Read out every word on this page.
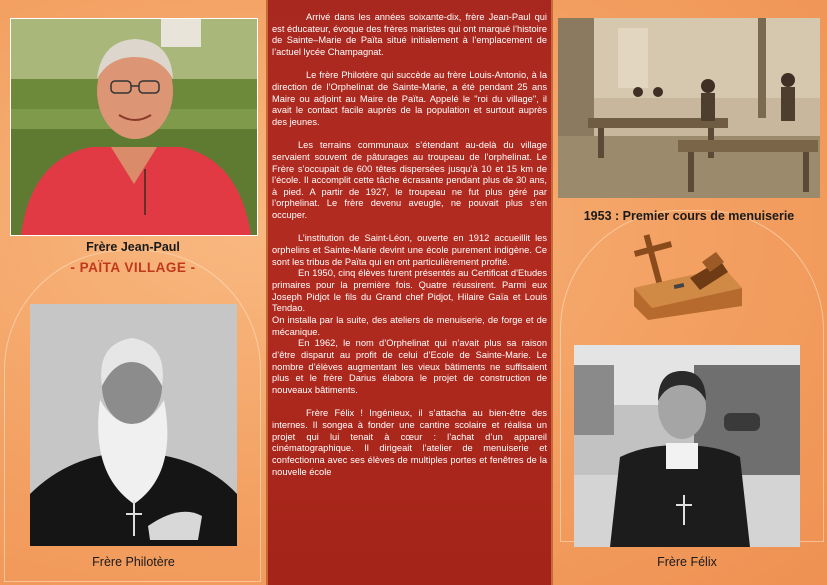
Frère Jean-Paul
- PAÏTA VILLAGE -
Frère Philotère

Arrivé dans les années soixante-dix, frère Jean-Paul qui est éducateur, évoque des frères maristes qui ont marqué l’histoire de Sainte–Marie de Païta situé initialement à l’emplacement de l’actuel lycée Champagnat.

Le frère Philotère qui succède au frère Louis-Antonio, à la direction de l’Orphelinat de Sainte-Marie, a été pendant 25 ans Maire ou adjoint au Maire de Païta. Appelé le "roi du village", il avait le contact facile auprès de la population et surtout auprès des jeunes.

Les terrains communaux s’étendant au-delà du village servaient souvent de pâturages au troupeau de l’orphelinat. Le Frère s’occupait de 600 têtes dispersées jusqu’à 10 et 15 km de l’école. Il accomplit cette tâche écrasante pendant plus de 30 ans, à pied. A partir de 1927, le troupeau ne fut plus géré par l’orphelinat. Le frère devenu aveugle, ne pouvait plus s’en occuper.

L’institution de Saint-Léon, ouverte en 1912 accueillit les orphelins et Sainte-Marie devint une école purement indigène. Ce sont les tribus de Païta qui en ont particulièrement profité.

En 1950, cinq élèves furent présentés au Certificat d’Etudes primaires pour la première fois. Quatre réussirent. Parmi eux Joseph Pidjot le fils du Grand chef Pidjot, Hilaire Gaïa et Louis Tendao.

On installa par la suite, des ateliers de menuiserie, de forge et de mécanique.

En 1962, le nom d’Orphelinat qui n’avait plus sa raison d’être disparut au profit de celui d’Ecole de Sainte-Marie. Le nombre d’élèves augmentant les vieux bâtiments ne suffisaient plus et le frère Darius élabora le projet de construction de nouveaux bâtiments.

Frère Félix ! Ingénieux, il s’attacha au bien-être des internes. Il songea à fonder une cantine scolaire et réalisa un projet qui lui tenait à cœur : l’achat d’un appareil cinématographique. Il dirigeait l’atelier de menuiserie et confectionna avec ses élèves de multiples portes et fenêtres de la nouvelle école

1953 : Premier cours de menuiserie
Frère Félix
